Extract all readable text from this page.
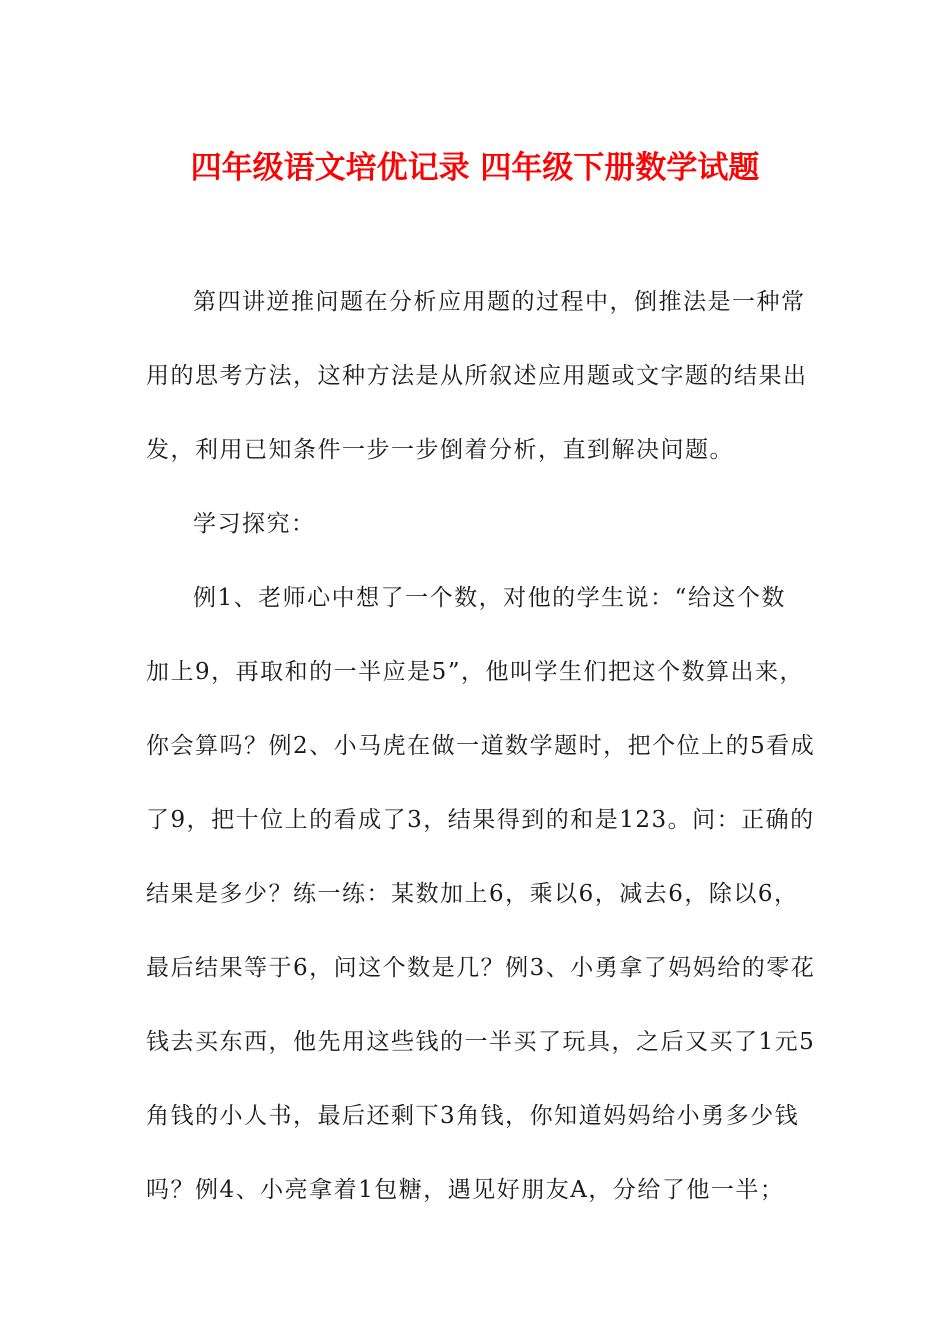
四年级语文培优记录 四年级下册数学试题
第四讲逆推问题在分析应用题的过程中，倒推法是一种常
用的思考方法，这种方法是从所叙述应用题或文字题的结果出
发，利用已知条件一步一步倒着分析，直到解决问题。
学习探究：
例1、老师心中想了一个数，对他的学生说：“给这个数
加上9，再取和的一半应是5”，他叫学生们把这个数算出来，
你会算吗？例2、小马虎在做一道数学题时，把个位上的5看成
了9，把十位上的看成了3，结果得到的和是123。问：正确的
结果是多少？练一练：某数加上6，乘以6，减去6，除以6，
最后结果等于6，问这个数是几？例3、小勇拿了妈妈给的零花
钱去买东西，他先用这些钱的一半买了玩具，之后又买了1元5
角钱的小人书，最后还剩下3角钱，你知道妈妈给小勇多少钱
吗？例4、小亮拿着1包糖，遇见好朋友A，分给了他一半；
